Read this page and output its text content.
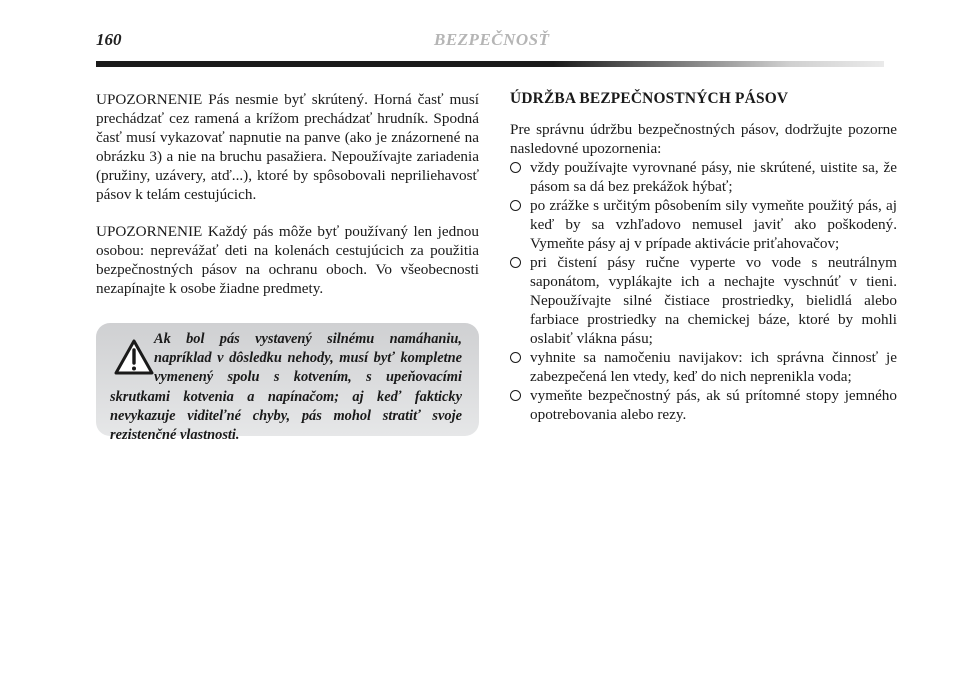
160	BEZPEČNOSŤ

UPOZORNENIE Pás nesmie byť skrútený. Horná časť musí prechádzať cez ramená a krížom prechádzať hrudník. Spodná časť musí vykazovať napnutie na panve (ako je znázornené na obrázku 3) a nie na bruchu pasažiera. Nepoužívajte zariadenia (pružiny, uzávery, atď...), ktoré by spôsobovali nepriliehavosť pásov k telám cestujúcich.

UPOZORNENIE Každý pás môže byť používaný len jednou osobou: neprevážať deti na kolenách cestujúcich za použitia bezpečnostných pásov na ochranu oboch. Vo všeobecnosti nezapínajte k osobe žiadne predmety.

Ak bol pás vystavený silnému namáhaniu, napríklad v dôsledku nehody, musí byť kompletne vymenený spolu s kotvením, s upeňovacími skrutkami kotvenia a napínačom; aj keď fakticky nevykazuje viditeľné chyby, pás mohol stratiť svoje rezistenčné vlastnosti.
ÚDRŽBA BEZPEČNOSTNÝCH PÁSOV

Pre správnu údržbu bezpečnostných pásov, dodržujte pozorne nasledovné upozornenia:

vždy používajte vyrovnané pásy, nie skrútené, uistite sa, že pásom sa dá bez prekážok hýbať;
po zrážke s určitým pôsobením sily vymeňte použitý pás, aj keď by sa vzhľadovo nemusel javiť ako poškodený. Vymeňte pásy aj v prípade aktivácie priťahovačov;
pri čistení pásy ručne vyperte vo vode s neutrálnym saponátom, vyplákajte ich a nechajte vyschnúť v tieni. Nepoužívajte silné čistiace prostriedky, bielidlá alebo farbiace prostriedky na chemickej báze, ktoré by mohli oslabiť vlákna pásu;
vyhnite sa namočeniu navijakov: ich správna činnosť je zabezpečená len vtedy, keď do nich neprenikla voda;
vymeňte bezpečnostný pás, ak sú prítomné stopy jemného opotrebovania alebo rezy.
